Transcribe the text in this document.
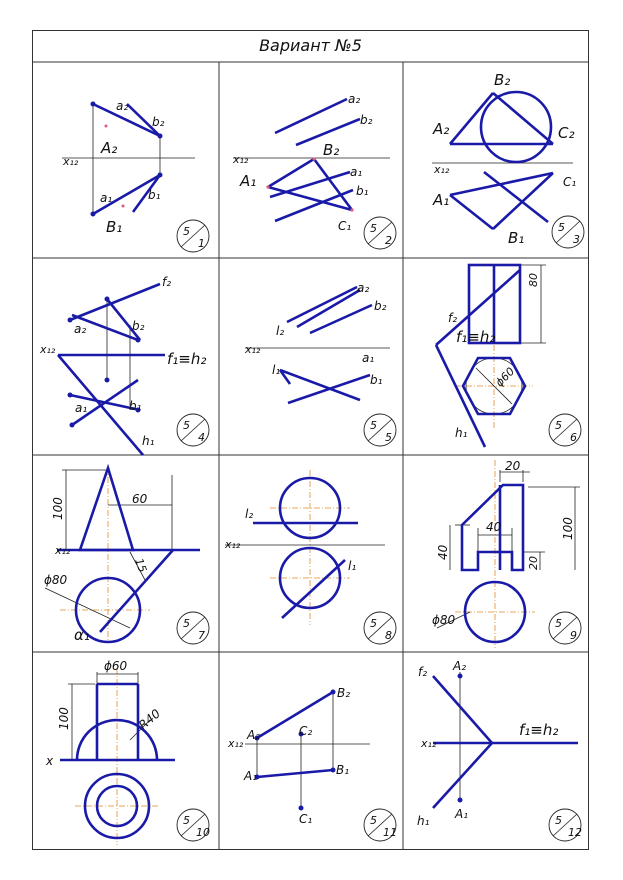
Вариант №5
a₂
b₂
A₂
x₁₂
a₁	b₁
B₁	5
1
a₂
b₂
x₁₂
B₂
A₁	a₁
b₁
C₁ 5
2
B₂
A₂	C₂
x₁₂
C₁
A₁
B₁
5
3
f₂
a₂	b₂
x₁₂
f₁≡h₂
a₁	b₁
h₁
5
4
a₂
b₂
l₂
x₁₂
l₁
a₁
b₁
5
5
f₂
f₁≡h₂
80
ϕ60
h₁
5
6
100	60
x₁₂
15
ϕ80
α₁
5
7
l₂
x₁₂
l₁
5
8
20
40	100
40
20
ϕ80	5
9
ϕ60
100	R40
x
5
10
B₂
x₁₂
A₂	C₂
A₁	B₁
C₁	5
11
f₂ A₂
x₁₂
f₁≡h₂
A₁
h₁	5
12
